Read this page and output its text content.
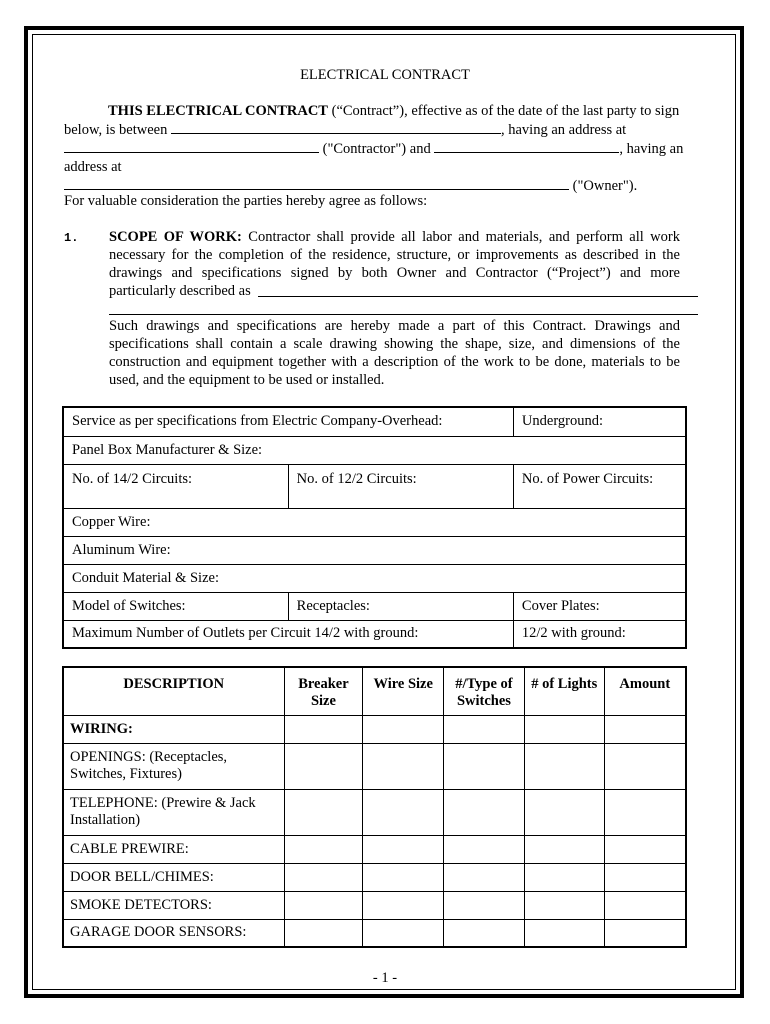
ELECTRICAL CONTRACT
THIS ELECTRICAL CONTRACT (“Contract”), effective as of the date of the last party to sign below, is between	, having an address at
("Contractor") and	, having an address at
("Owner").
For valuable consideration the parties hereby agree as follows:
1. SCOPE OF WORK: Contractor shall provide all labor and materials, and perform all work necessary for the completion of the residence, structure, or improvements as described in the drawings and specifications signed by both Owner and Contractor (“Project”) and more particularly described as
Such drawings and specifications are hereby made a part of this Contract. Drawings and specifications shall contain a scale drawing showing the shape, size, and dimensions of the construction and equipment together with a description of the work to be done, materials to be used, and the equipment to be used or installed.
Service as per specifications from Electric Company-Overhead:		Underground:
Panel Box Manufacturer & Size:		
No. of 14/2 Circuits:	No. of 12/2 Circuits:	No. of Power Circuits:
Copper Wire:		
Aluminum Wire:		
Conduit Material & Size:		
Model of Switches:	Receptacles:	Cover Plates:
Maximum Number of Outlets per Circuit 14/2 with ground:		12/2 with ground:
DESCRIPTION	Breaker Size	Wire Size	#/Type of Switches	# of Lights	Amount
WIRING:					
OPENINGS: (Receptacles, Switches, Fixtures)					
TELEPHONE: (Prewire & Jack Installation)					
CABLE PREWIRE:					
DOOR BELL/CHIMES:					
SMOKE DETECTORS:					
GARAGE DOOR SENSORS:					
- 1 -
